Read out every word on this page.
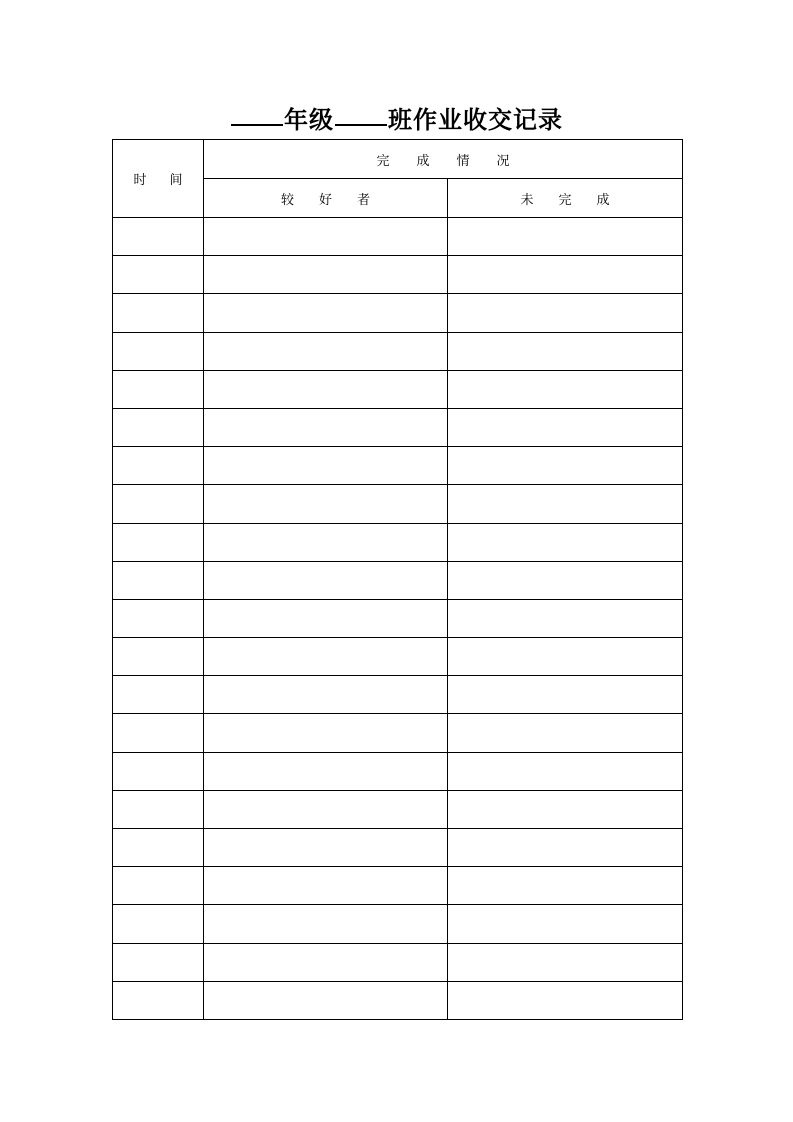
年级 班作业收交记录
时　间	完　成　情　况	
	较　好　者	未　完　成
